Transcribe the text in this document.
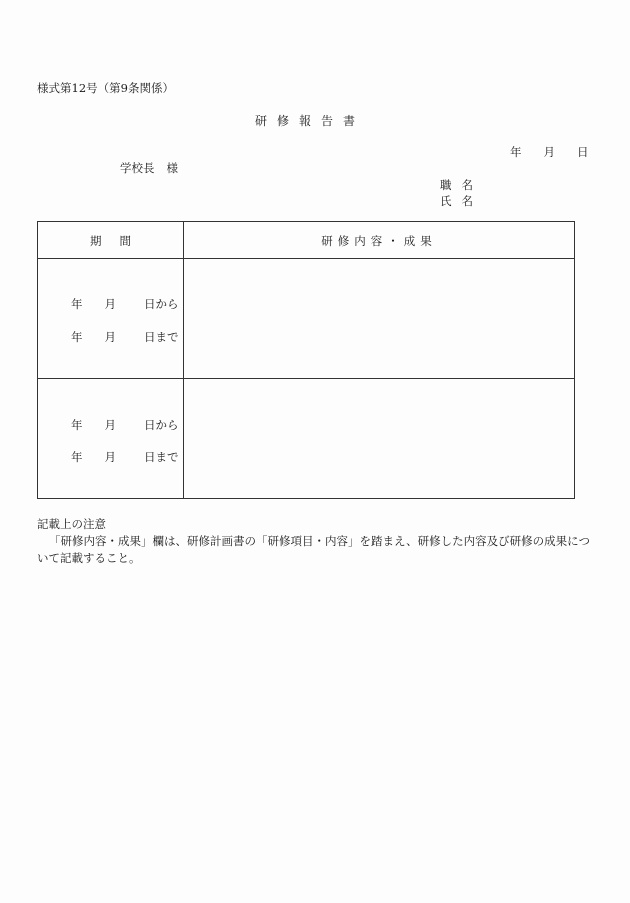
様式第12号（第9条関係）
研修報告書
年 月 日
学校長 様
職名
氏名
期間	研修内容・成果
年 月 日から
年 月 日まで
年 月 日から
年 月 日まで
記載上の注意
「研修内容・成果」欄は、研修計画書の「研修項目・内容」を踏まえ、研修した内容及び研修の成果について記載すること。
